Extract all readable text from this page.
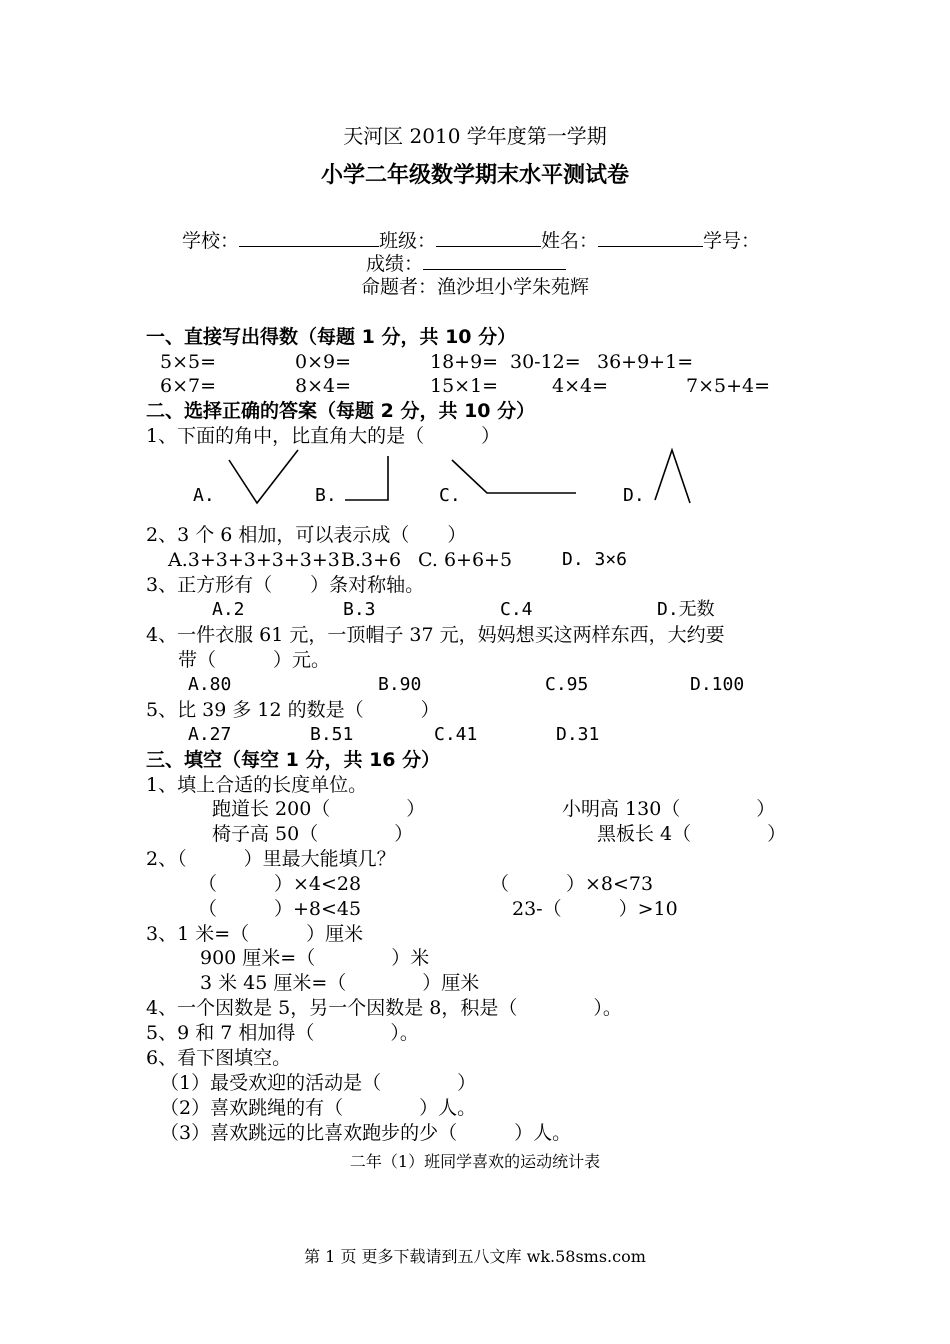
天河区 2010 学年度第一学期
小学二年级数学期末水平测试卷
学校：	班级：	姓名：	学号：
成绩：
命题者：渔沙坦小学朱苑辉
一、直接写出得数（每题 1 分，共 10 分）
5×5=	0×9=	18+9= 30-12= 36+9+1=
6×7=	8×4=	15×1=	4×4=	7×5+4=
二、选择正确的答案（每题 2 分，共 10 分）
1、下面的角中，比直角大的是（　　　）
A.	B.	C.	D.
2、3 个 6 相加，可以表示成（　　）
A.3+3+3+3+3+3 B.3+6 C. 6+6+5	D. 3×6
3、正方形有（　　）条对称轴。
A.2	B.3	C.4	D.无数
4、一件衣服 61 元，一顶帽子 37 元，妈妈想买这两样东西，大约要
带（　　　）元。
A.80	B.90	C.95	D.100
5、比 39 多 12 的数是（　　　）
A.27	B.51	C.41	D.31
三、填空（每空 1 分，共 16 分）
1、填上合适的长度单位。
跑道长 200（　　　　）	小明高 130（　　　　）
椅子高 50（　　　　）	黑板长 4（　　　　）
2、（　　　）里最大能填几？
（　　　）×4<28	（　　　）×8<73
（　　　）+8<45	23-（　　　）>10
3、1 米=（　　　）厘米
900 厘米=（　　　　）米
3 米 45 厘米=（　　　　）厘米
4、一个因数是 5，另一个因数是 8，积是（　　　　）。
5、9 和 7 相加得（　　　　）。
6、看下图填空。
（1）最受欢迎的活动是（　　　　）
（2）喜欢跳绳的有（　　　　）人。
（3）喜欢跳远的比喜欢跑步的少（　　　）人。
二年（1）班同学喜欢的运动统计表
第 1 页 更多下载请到五八文库 wk.58sms.com
